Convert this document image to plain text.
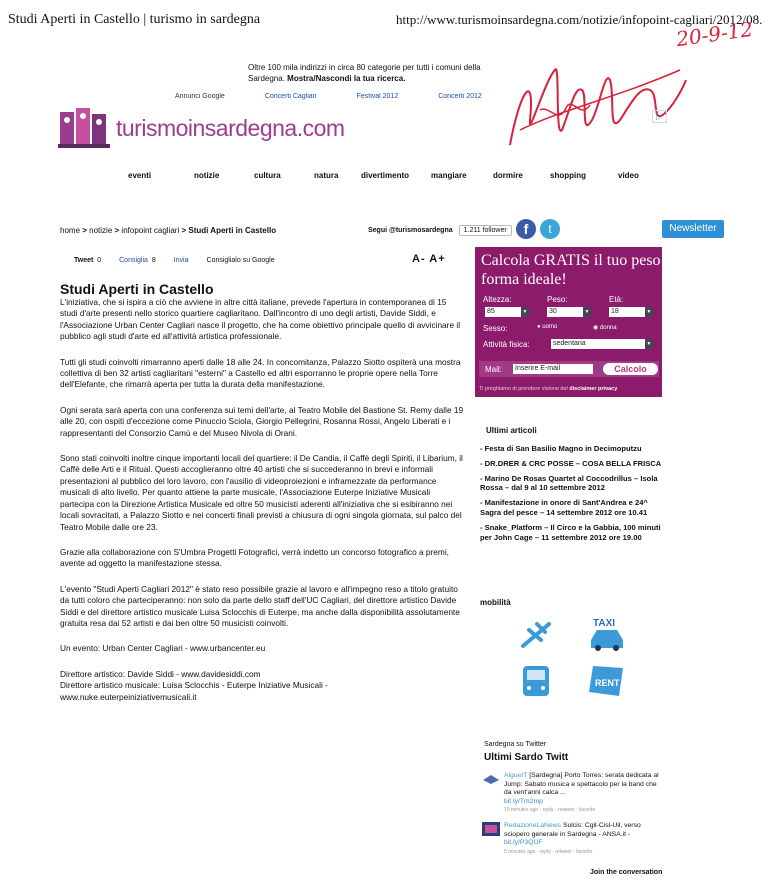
Studi Aperti in Castello | turismo in sardegna	http://www.turismoinsardegna.com/notizie/infopoint-cagliari/2012/08.
20-9-12
Oltre 100 mila indirizzi in circa 80 categorie per tutti i comuni della Sardegna. Mostra/Nascondi la tua ricerca.
Annunci Google	Concerti Cagliari	Festival 2012	Concerti 2012
turismoinsardegna.com	▷
eventi	notizie	cultura	natura	divertimento	mangiare	dormire	shopping	video
home > notizie > infopoint cagliari > Studi Aperti in Castello	Segui @turismosardegna	1.211 follower	f	t	Newsletter
Tweet 0	Consiglia 8	Invia	Consiglialo su Google	A- A+
Studi Aperti in Castello

L'iniziativa, che si ispira a ciò che avviene in altre città italiane, prevede l'apertura in contemporanea di 15 studi d'arte presenti nello storico quartiere cagliaritano. Dall'incontro di uno degli artisti, Davide Siddi, e l'Associazione Urban Center Cagliari nasce il progetto, che ha come obiettivo principale quello di avvicinare il pubblico agli studi d'arte ed all'attività artistica professionale.

Tutti gli studi coinvolti rimarranno aperti dalle 18 alle 24. In concomitanza, Palazzo Siotto ospiterà una mostra collettiva di ben 32 artisti cagliaritani "esterni" a Castello ed altri esporranno le proprie opere nella Torre dell'Elefante, che rimarrà aperta per tutta la durata della manifestazione.

Ogni serata sarà aperta con una conferenza sui temi dell'arte, al Teatro Mobile del Bastione St. Remy dalle 19 alle 20, con ospiti d'eccezione come Pinuccio Sciola, Giorgio Pellegrini, Rosanna Rossi, Angelo Liberati e i rappresentanti del Consorzio Camù e del Museo Nivola di Orani.

Sono stati coinvolti inoltre cinque importanti locali del quartiere: il De Candia, il Caffè degli Spiriti, il Libarium, il Caffè delle Arti e il Ritual. Questi accoglieranno oltre 40 artisti che si succederanno in brevi e informali presentazioni al pubblico del loro lavoro, con l'ausilio di videoproiezioni e inframezzate da performance musicali di alto livello. Per quanto attiene la parte musicale, l'Associazione Euterpe Iniziative Musicali partecipa con la Direzione Artistica Musicale ed oltre 50 musicisti aderenti all'iniziativa che si esibiranno nei locali sovracitati, a Palazzo Siotto e nei concerti finali previsti a chiusura di ogni singola giornata, sul palco del Teatro Mobile dalle ore 23.

Grazie alla collaborazione con S'Umbra Progetti Fotografici, verrà indetto un concorso fotografico a premi, avente ad oggetto la manifestazione stessa.

L'evento "Studi Aperti Cagliari 2012" è stato reso possibile grazie al lavoro e all'impegno reso a titolo gratuito da tutti coloro che parteciperanno: non solo da parte dello staff dell'UC Cagliari, del direttore artistico Davide Siddi e del direttore artistico musicale Luisa Sclocchis di Euterpe, ma anche dalla disponibilità assolutamente gratuita resa dai 52 artisti e dai ben oltre 50 musicisti coinvolti.

Un evento: Urban Center Cagliari - www.urbancenter.eu

Direttore artistico: Davide Siddi - www.davidesiddi.com

Direttore artistico musicale: Luisa Sclocchis - Euterpe Iniziative Musicali - www.nuke.euterpeiniziativemusicali.it

Calcola GRATIS il tuo peso forma ideale!
Altezza:	Peso:	Età:
85	▼	30	▼	18	▼
Sesso:	● uomo	◉ donna
Attività fisica:	sedentaria	▼
Mail: Inserire E-mail	Calcolo
Ti preghiamo di prendere visione del disclaimer privacy
Ultimi articoli
- Festa di San Basilio Magno in Decimoputzu
- DR.DRER & CRC POSSE – COSA BELLA FRISCA
- Marino De Rosas Quartet al Coccodrillus – Isola Rossa – dal 9 al 10 settembre 2012
- Manifestazione in onore di Sant'Andrea e 24^ Sagra del pesce – 14 settembre 2012 ore 10.41
- Snake_Platform – Il Circo e la Gabbia, 100 minuti per John Cage – 11 settembre 2012 ore 19.00
mobilità
TAXI
RENT
Sardegna su Twitter
Ultimi Sardo Twitt
AlgueIT [Sardegna] Porto Torres: serata dedicata al Jump: Sabato musica e spettacolo per la band che da vent'anni calca ...
bit.ly/Tm2mp
10 minutes ago · reply · retweet · favorite
RedazioneLaNews Sulcis: Cgil-Cisl-Uil, verso sciopero generale in Sardegna - ANSA.it -
bit.ly/P3QUF
5 minutes ago · reply · retweet · favorite
Join the conversation
